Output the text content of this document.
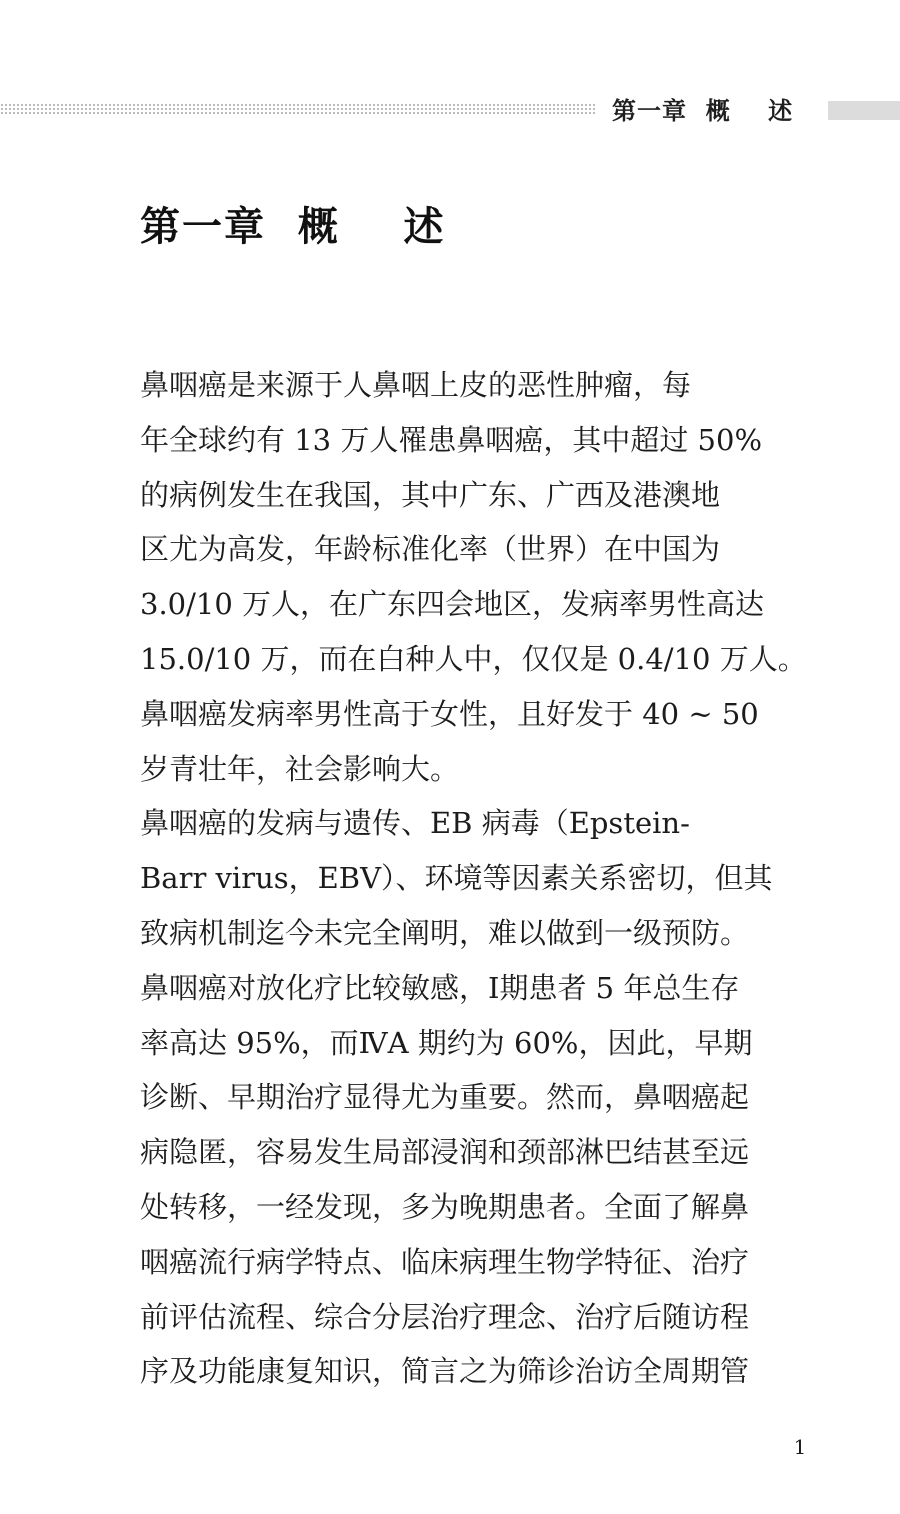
第一章  概    述
第一章  概    述
鼻咽癌是来源于人鼻咽上皮的恶性肿瘤，每
年全球约有 13 万人罹患鼻咽癌，其中超过 50%
的病例发生在我国，其中广东、广西及港澳地
区尤为高发，年龄标准化率（世界）在中国为
3.0/10 万人，在广东四会地区，发病率男性高达
15.0/10 万，而在白种人中，仅仅是 0.4/10 万人。
鼻咽癌发病率男性高于女性，且好发于 40 ~ 50
岁青壮年，社会影响大。
鼻咽癌的发病与遗传、EB 病毒（Epstein-
Barr virus，EBV）、环境等因素关系密切，但其
致病机制迄今未完全阐明，难以做到一级预防。
鼻咽癌对放化疗比较敏感，Ⅰ期患者 5 年总生存
率高达 95%，而ⅣA 期约为 60%，因此，早期
诊断、早期治疗显得尤为重要。然而，鼻咽癌起
病隐匿，容易发生局部浸润和颈部淋巴结甚至远
处转移，一经发现，多为晚期患者。全面了解鼻
咽癌流行病学特点、临床病理生物学特征、治疗
前评估流程、综合分层治疗理念、治疗后随访程
序及功能康复知识，简言之为筛诊治访全周期管
1
